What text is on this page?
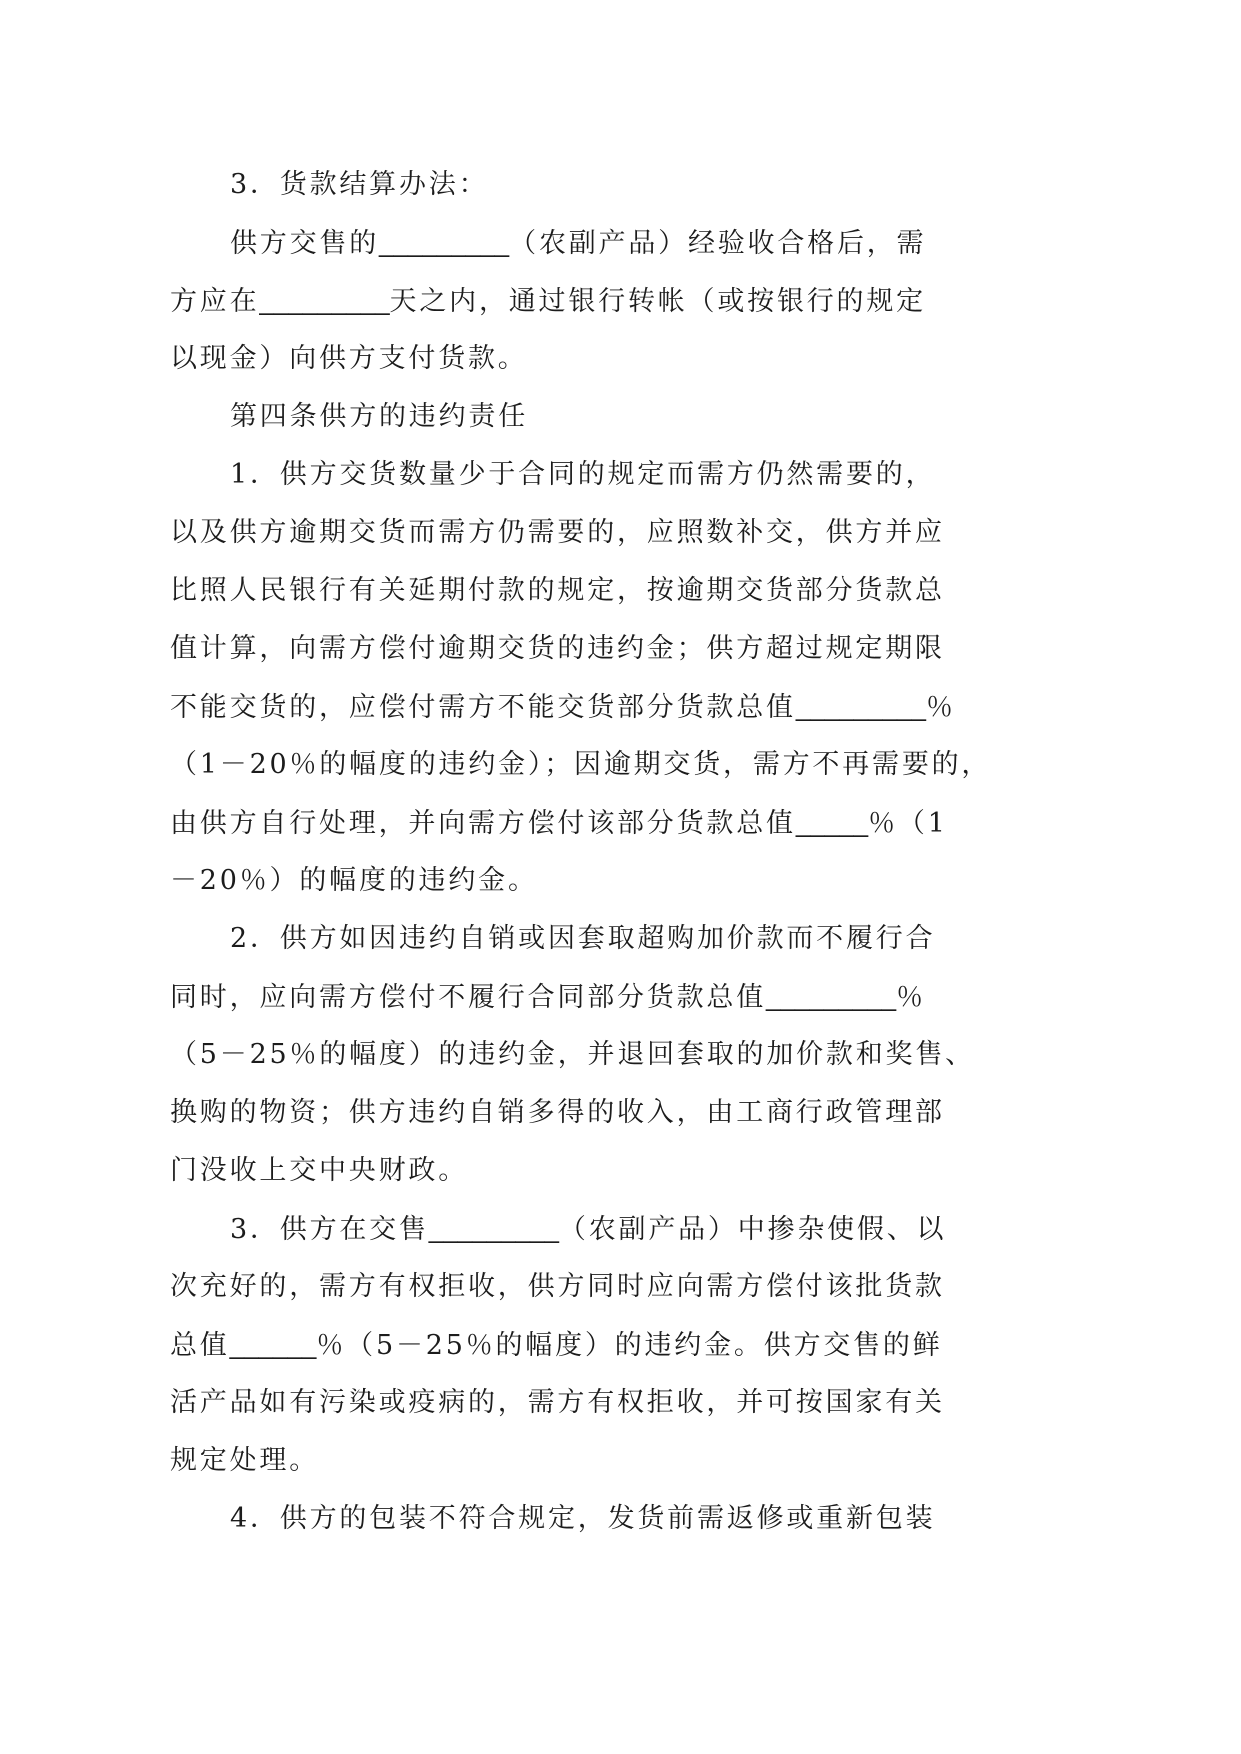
3．货款结算办法：
供方交售的_________（农副产品）经验收合格后，需
方应在_________天之内，通过银行转帐（或按银行的规定
以现金）向供方支付货款。
第四条供方的违约责任
1．供方交货数量少于合同的规定而需方仍然需要的，
以及供方逾期交货而需方仍需要的，应照数补交，供方并应
比照人民银行有关延期付款的规定，按逾期交货部分货款总
值计算，向需方偿付逾期交货的违约金；供方超过规定期限
不能交货的，应偿付需方不能交货部分货款总值_________％
（1－20％的幅度的违约金）；因逾期交货，需方不再需要的，
由供方自行处理，并向需方偿付该部分货款总值_____％（1
－20％）的幅度的违约金。
2．供方如因违约自销或因套取超购加价款而不履行合
同时，应向需方偿付不履行合同部分货款总值_________％
（5－25％的幅度）的违约金，并退回套取的加价款和奖售、
换购的物资；供方违约自销多得的收入，由工商行政管理部
门没收上交中央财政。
3．供方在交售_________（农副产品）中掺杂使假、以
次充好的，需方有权拒收，供方同时应向需方偿付该批货款
总值______％（5－25％的幅度）的违约金。供方交售的鲜
活产品如有污染或疫病的，需方有权拒收，并可按国家有关
规定处理。
4．供方的包装不符合规定，发货前需返修或重新包装
